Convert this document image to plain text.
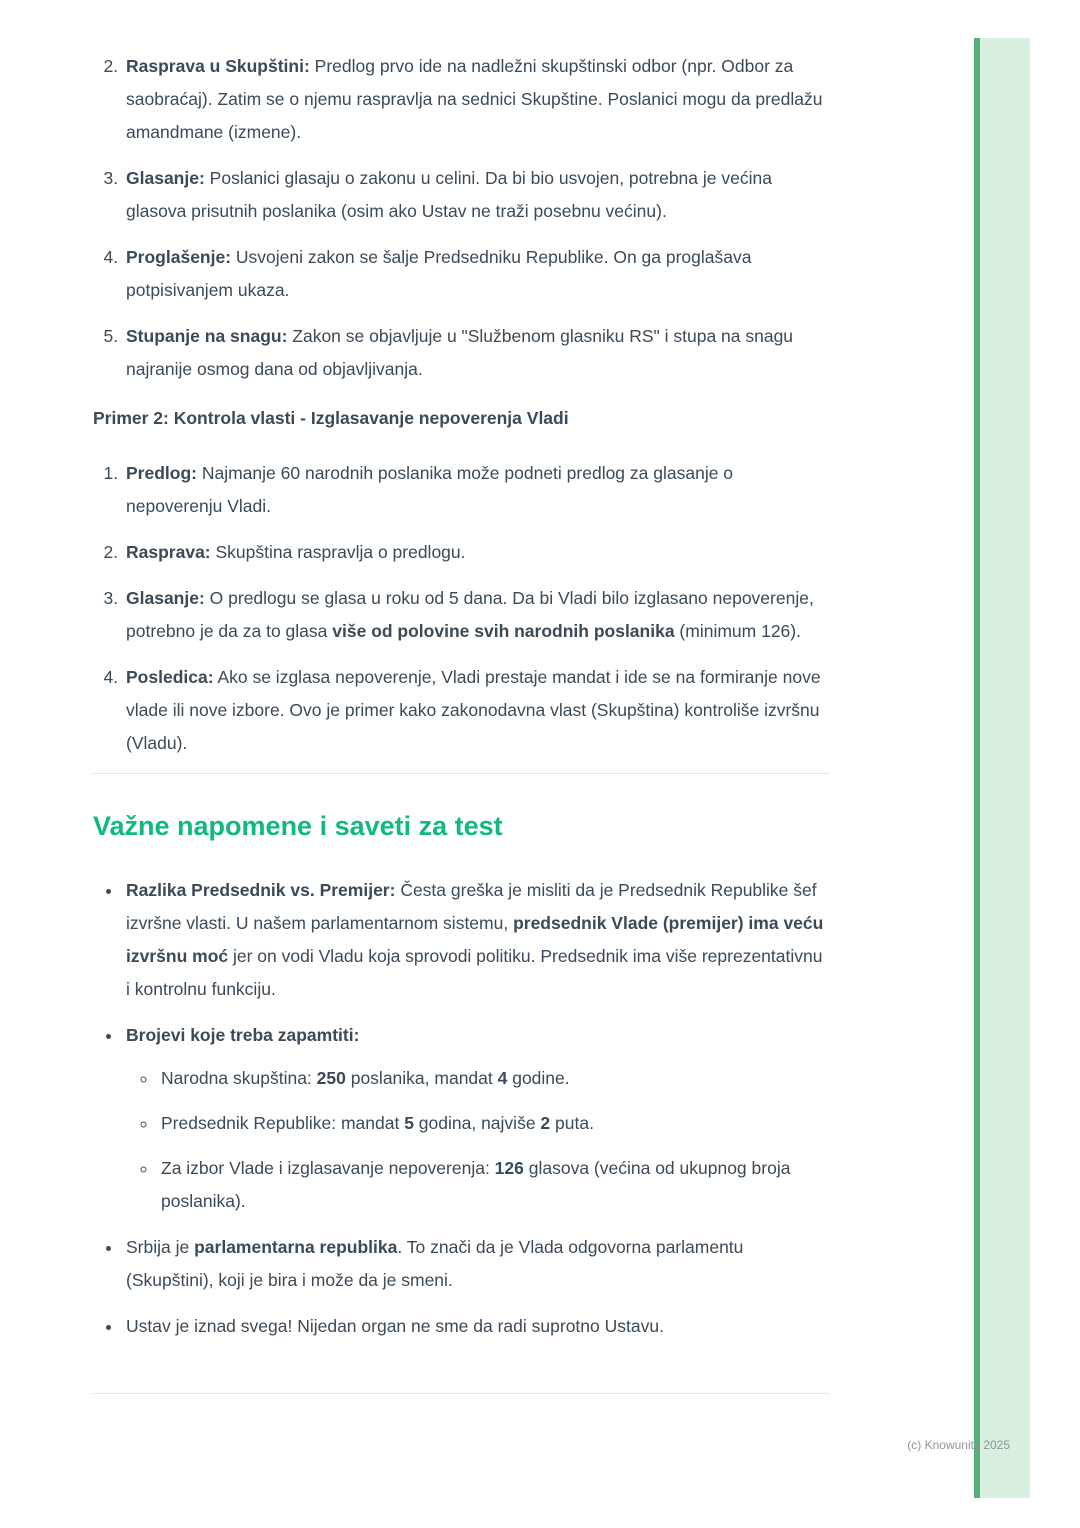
2. Rasprava u Skupštini: Predlog prvo ide na nadležni skupštinski odbor (npr. Odbor za saobraćaj). Zatim se o njemu raspravlja na sednici Skupštine. Poslanici mogu da predlažu amandmane (izmene).
3. Glasanje: Poslanici glasaju o zakonu u celini. Da bi bio usvojen, potrebna je većina glasova prisutnih poslanika (osim ako Ustav ne traži posebnu većinu).
4. Proglašenje: Usvojeni zakon se šalje Predsedniku Republike. On ga proglašava potpisivanjem ukaza.
5. Stupanje na snagu: Zakon se objavljuje u "Službenom glasniku RS" i stupa na snagu najranije osmog dana od objavljivanja.

Primer 2: Kontrola vlasti - Izglasavanje nepoverenja Vladi

1. Predlog: Najmanje 60 narodnih poslanika može podneti predlog za glasanje o nepoverenju Vladi.
2. Rasprava: Skupština raspravlja o predlogu.
3. Glasanje: O predlogu se glasa u roku od 5 dana. Da bi Vladi bilo izglasano nepoverenje, potrebno je da za to glasa više od polovine svih narodnih poslanika (minimum 126).
4. Posledica: Ako se izglasa nepoverenje, Vladi prestaje mandat i ide se na formiranje nove vlade ili nove izbore. Ovo je primer kako zakonodavna vlast (Skupština) kontroliše izvršnu (Vladu).
Važne napomene i saveti za test
• Razlika Predsednik vs. Premijer: Česta greška je misliti da je Predsednik Republike šef izvršne vlasti. U našem parlamentarnom sistemu, predsednik Vlade (premijer) ima veću izvršnu moć jer on vodi Vladu koja sprovodi politiku. Predsednik ima više reprezentativnu i kontrolnu funkciju.
• Brojevi koje treba zapamtiti:
◦ Narodna skupština: 250 poslanika, mandat 4 godine.
◦ Predsednik Republike: mandat 5 godina, najviše 2 puta.
◦ Za izbor Vlade i izglasavanje nepoverenja: 126 glasova (većina od ukupnog broja poslanika).
• Srbija je parlamentarna republika. To znači da je Vlada odgovorna parlamentu (Skupštini), koji je bira i može da je smeni.
• Ustav je iznad svega! Nijedan organ ne sme da radi suprotno Ustavu.
(c) Knowunity 2025
